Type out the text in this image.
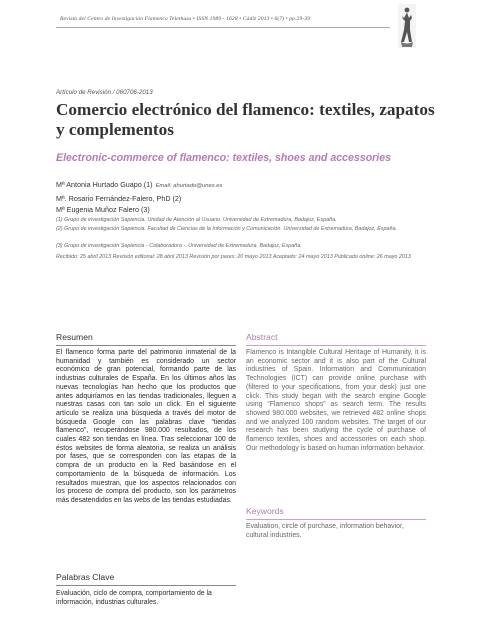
Revista del Centro de Investigación Flamenco Telethusa • ISSN 1989 - 1628 • Cádiz 2013 • 6(7) • pp.29-39
Artículo de Revisión / 060706-2013
Comercio electrónico del flamenco: textiles, zapatos y complementos
Electronic-commerce of flamenco: textiles, shoes and accessories
Mª Antonia Hurtado Guapo (1) Email: ahurtado@unex.es
Mª. Rosario Fernández-Falero, PhD (2)
Mª Eugenia Muñoz Falero (3)
(1) Grupo de investigación Sapiencia. Unidad de Atención al Usuario. Universidad de Extremadura, Badajoz, España.
(2) Grupo de investigación Sapiencia. Facultad de Ciencias de la Información y Comunicación. Universidad de Extremadura, Badajoz, España.
(3) Grupo de investigación Sapiencia - Colaboradora -. Universidad de Extremadura. Badajoz, España.
Recibido: 25 abril 2013 Revisión editorial: 28 abril 2013 Revisión por pares: 20 mayo 2013 Aceptado: 24 mayo 2013 Publicado online: 26 mayo 2013
Resumen

El flamenco forma parte del patrimonio inmaterial de la humanidad y también es considerado un sector económico de gran potencial, formando parte de las industrias culturales de España. En los últimos años las nuevas tecnologías han hecho que los productos que antes adquiríamos en las tiendas tradicionales, lleguen a nuestras casas con tan solo un click. En el siguiente artículo se realiza una búsqueda a través del motor de búsqueda Google con las palabras clave “tiendas flamenco”, recuperándose 980.000 resultados, de los cuales 482 son tiendas en línea. Tras seleccionar 100 de éstos websites de forma aleatoria, se realiza un análisis por fases, que se corresponden con las etapas de la compra de un producto en la Red basándose en el comportamiento de la búsqueda de información. Los resultados muestran, que los aspectos relacionados con los proceso de compra del producto, son los parámetros más desatendidos en las webs de las tiendas estudiadas.

Abstract

Flamenco is Intangible Cultural Heritage of Humanity, it is an economic sector and it is also part of the Cultural industries of Spain. Information and Communication Technologies (ICT) can provide online purchase with (filtered to your specifications, from your desk) just one click. This study began with the search engine Google using “Flamenco shops” as search term. The results showed 980.000 websites, we retrieved 482 online shops and we analyzed 100 random websites. The target of our research has been studying the cycle of purchase of flamenco textiles, shoes and accessories on each shop. Our methodology is based on human information behavior.

Keywords

Evaluation, circle of purchase, information behavior, cultural industries.

Palabras Clave

Evaluación, ciclo de compra, comportamiento de la información, industrias culturales.
